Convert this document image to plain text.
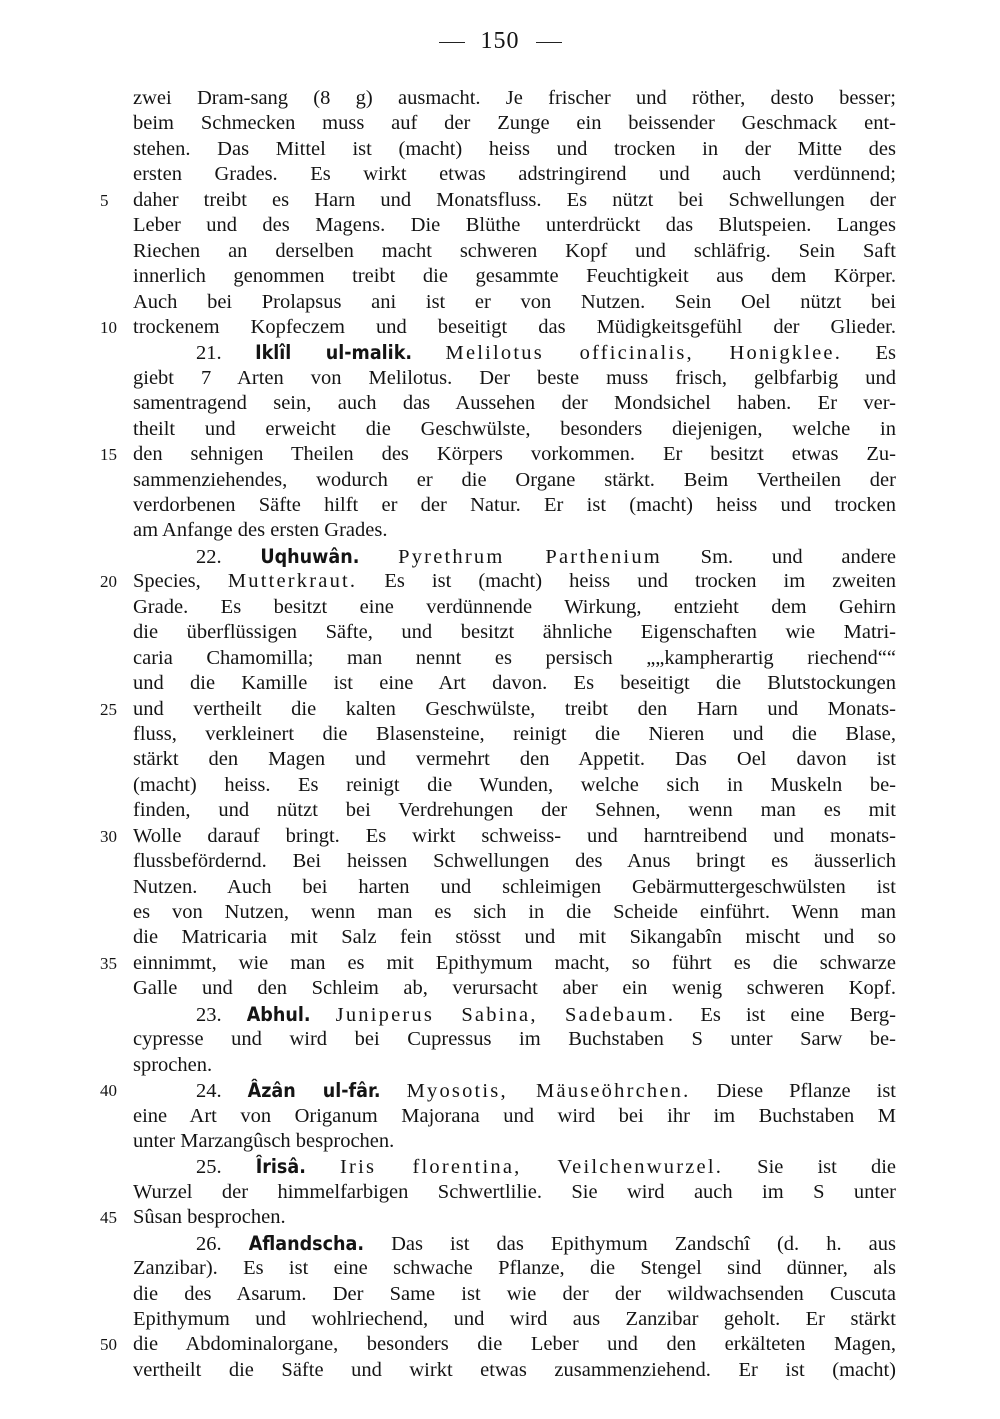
150
zwei Dram-sang (8 g) ausmacht. Je frischer und röther, desto besser;
beim Schmecken muss auf der Zunge ein beissender Geschmack ent-
stehen. Das Mittel ist (macht) heiss und trocken in der Mitte des
ersten Grades. Es wirkt etwas adstringirend und auch verdünnend;
5	daher treibt es Harn und Monatsfluss. Es nützt bei Schwellungen der
Leber und des Magens. Die Blüthe unterdrückt das Blutspeien. Langes
Riechen an derselben macht schweren Kopf und schläfrig. Sein Saft
innerlich genommen treibt die gesammte Feuchtigkeit aus dem Körper.
Auch bei Prolapsus ani ist er von Nutzen. Sein Oel nützt bei
10 trockenem Kopfeczem und beseitigt das Müdigkeitsgefühl der Glieder.
21. Iklîl ul-malik. Melilotus officinalis, Honigklee. Es
giebt 7 Arten von Melilotus. Der beste muss frisch, gelbfarbig und
samentragend sein, auch das Aussehen der Mondsichel haben. Er ver-
theilt und erweicht die Geschwülste, besonders diejenigen, welche in
15 den sehnigen Theilen des Körpers vorkommen. Er besitzt etwas Zu-
sammenziehendes, wodurch er die Organe stärkt. Beim Vertheilen der
verdorbenen Säfte hilft er der Natur. Er ist (macht) heiss und trocken
am Anfange des ersten Grades.
22. Uqhuwân. Pyrethrum Parthenium Sm. und andere
20 Species, Mutterkraut. Es ist (macht) heiss und trocken im zweiten
Grade. Es besitzt eine verdünnende Wirkung, entzieht dem Gehirn
die überflüssigen Säfte, und besitzt ähnliche Eigenschaften wie Matri-
caria Chamomilla; man nennt es persisch „„kampherartig riechend““
und die Kamille ist eine Art davon. Es beseitigt die Blutstockungen
25 und vertheilt die kalten Geschwülste, treibt den Harn und Monats-
fluss, verkleinert die Blasensteine, reinigt die Nieren und die Blase,
stärkt den Magen und vermehrt den Appetit. Das Oel davon ist
(macht) heiss. Es reinigt die Wunden, welche sich in Muskeln be-
finden, und nützt bei Verdrehungen der Sehnen, wenn man es mit
30 Wolle darauf bringt. Es wirkt schweiss- und harntreibend und monats-
flussbefördernd. Bei heissen Schwellungen des Anus bringt es äusserlich
Nutzen. Auch bei harten und schleimigen Gebärmuttergeschwülsten ist
es von Nutzen, wenn man es sich in die Scheide einführt. Wenn man
die Matricaria mit Salz fein stösst und mit Sikangabîn mischt und so
35 einnimmt, wie man es mit Epithymum macht, so führt es die schwarze
Galle und den Schleim ab, verursacht aber ein wenig schweren Kopf.
23. Abhul. Juniperus Sabina, Sadebaum. Es ist eine Berg-
cypresse und wird bei Cupressus im Buchstaben S unter Sarw be-
sprochen.
40	24. Âzân ul-fâr. Myosotis, Mäuseöhrchen. Diese Pflanze ist
eine Art von Origanum Majorana und wird bei ihr im Buchstaben M
unter Marzangûsch besprochen.
25. Îrisâ. Iris florentina, Veilchenwurzel. Sie ist die
Wurzel der himmelfarbigen Schwertlilie. Sie wird auch im S unter
45 Sûsan besprochen.
26. Aflandscha. Das ist das Epithymum Zandschî (d. h. aus
Zanzibar). Es ist eine schwache Pflanze, die Stengel sind dünner, als
die des Asarum. Der Same ist wie der der wildwachsenden Cuscuta
Epithymum und wohlriechend, und wird aus Zanzibar geholt. Er stärkt
50 die Abdominalorgane, besonders die Leber und den erkälteten Magen,
vertheilt die Säfte und wirkt etwas zusammenziehend. Er ist (macht)
